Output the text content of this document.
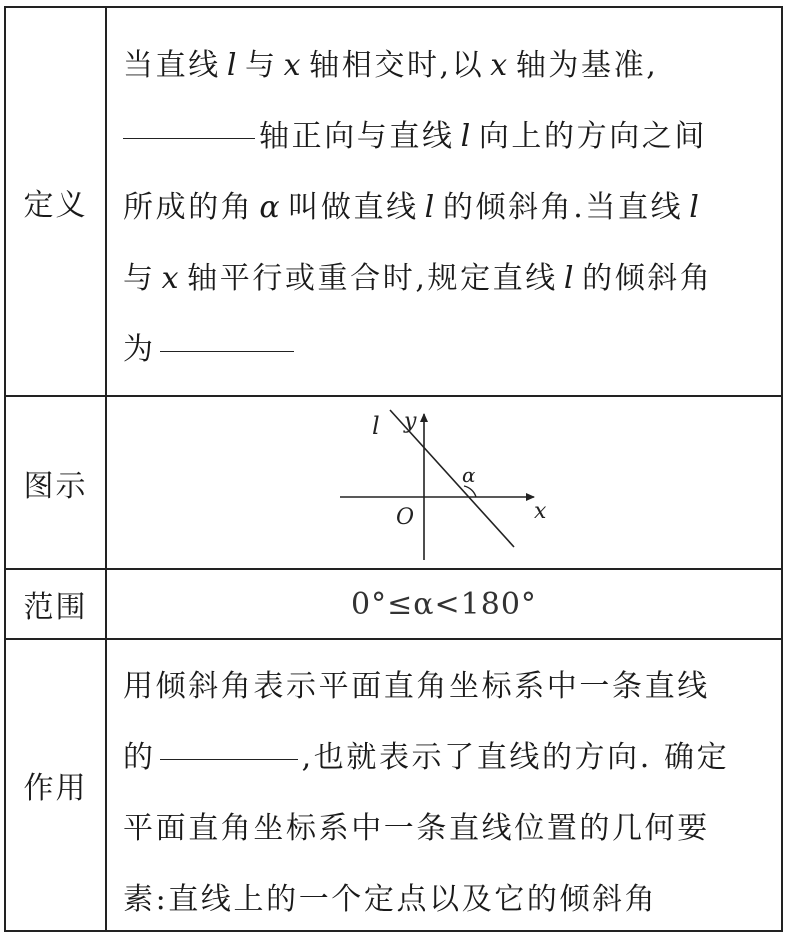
定义

当直线 l 与 x 轴相交时,以 x 轴为基准,

轴正向与直线 l 向上的方向之间

所成的角 α 叫做直线 l 的倾斜角.当直线 l

与 x 轴平行或重合时,规定直线 l 的倾斜角

为

图示
l y
x
O
α
范围	0°≤α<180°
作用

用倾斜角表示平面直角坐标系中一条直线

的	,也就表示了直线的方向. 确定

平面直角坐标系中一条直线位置的几何要

素:直线上的一个定点以及它的倾斜角
